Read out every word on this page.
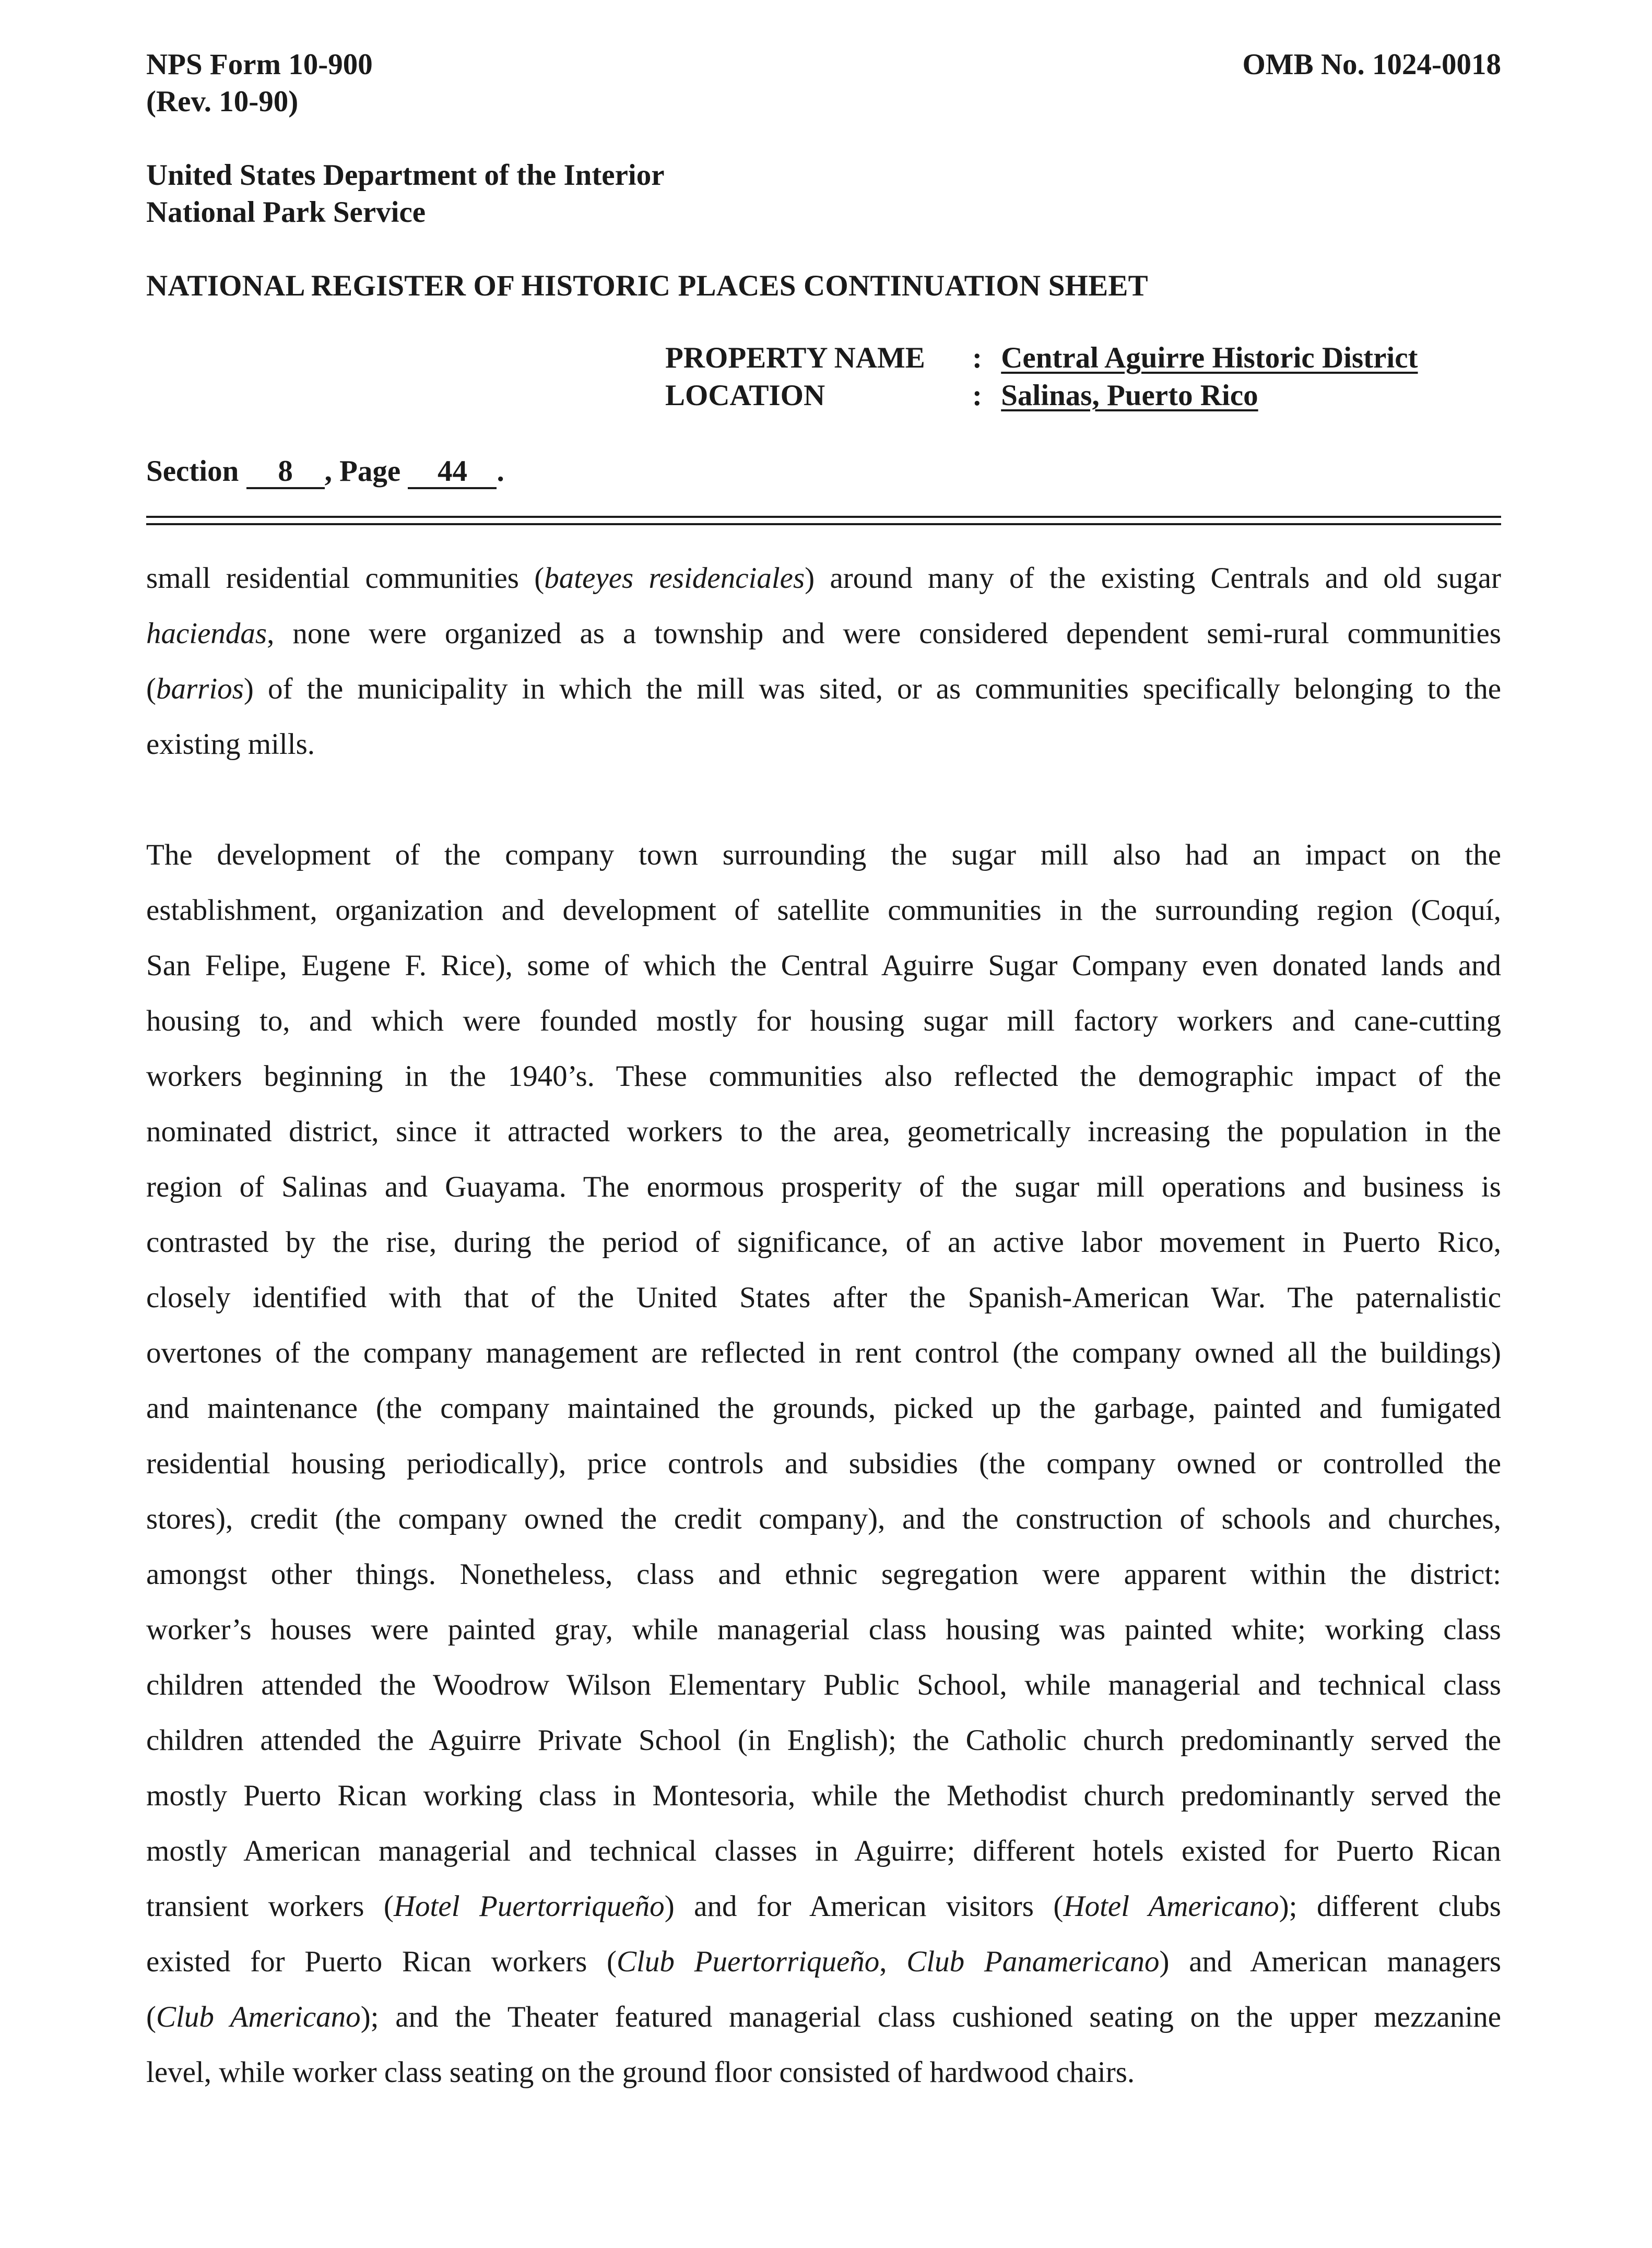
NPS Form 10-900
(Rev. 10-90)
OMB No. 1024-0018
United States Department of the Interior
National Park Service
NATIONAL REGISTER OF HISTORIC PLACES CONTINUATION SHEET
PROPERTY NAME
LOCATION
: Central Aguirre Historic District
: Salinas, Puerto Rico
Section 8 , Page 44 .
small residential communities (bateyes residenciales) around many of the existing Centrals and old sugar
haciendas, none were organized as a township and were considered dependent semi-rural communities
(barrios) of the municipality in which the mill was sited, or as communities specifically belonging to the
existing mills.
The development of the company town surrounding the sugar mill also had an impact on the
establishment, organization and development of satellite communities in the surrounding region (Coquí,
San Felipe, Eugene F. Rice), some of which the Central Aguirre Sugar Company even donated lands and
housing to, and which were founded mostly for housing sugar mill factory workers and cane-cutting
workers beginning in the 1940’s. These communities also reflected the demographic impact of the
nominated district, since it attracted workers to the area, geometrically increasing the population in the
region of Salinas and Guayama. The enormous prosperity of the sugar mill operations and business is
contrasted by the rise, during the period of significance, of an active labor movement in Puerto Rico,
closely identified with that of the United States after the Spanish-American War. The paternalistic
overtones of the company management are reflected in rent control (the company owned all the buildings)
and maintenance (the company maintained the grounds, picked up the garbage, painted and fumigated
residential housing periodically), price controls and subsidies (the company owned or controlled the
stores), credit (the company owned the credit company), and the construction of schools and churches,
amongst other things. Nonetheless, class and ethnic segregation were apparent within the district:
worker’s houses were painted gray, while managerial class housing was painted white; working class
children attended the Woodrow Wilson Elementary Public School, while managerial and technical class
children attended the Aguirre Private School (in English); the Catholic church predominantly served the
mostly Puerto Rican working class in Montesoria, while the Methodist church predominantly served the
mostly American managerial and technical classes in Aguirre; different hotels existed for Puerto Rican
transient workers (Hotel Puertorriqueño) and for American visitors (Hotel Americano); different clubs
existed for Puerto Rican workers (Club Puertorriqueño, Club Panamericano) and American managers
(Club Americano); and the Theater featured managerial class cushioned seating on the upper mezzanine
level, while worker class seating on the ground floor consisted of hardwood chairs.
